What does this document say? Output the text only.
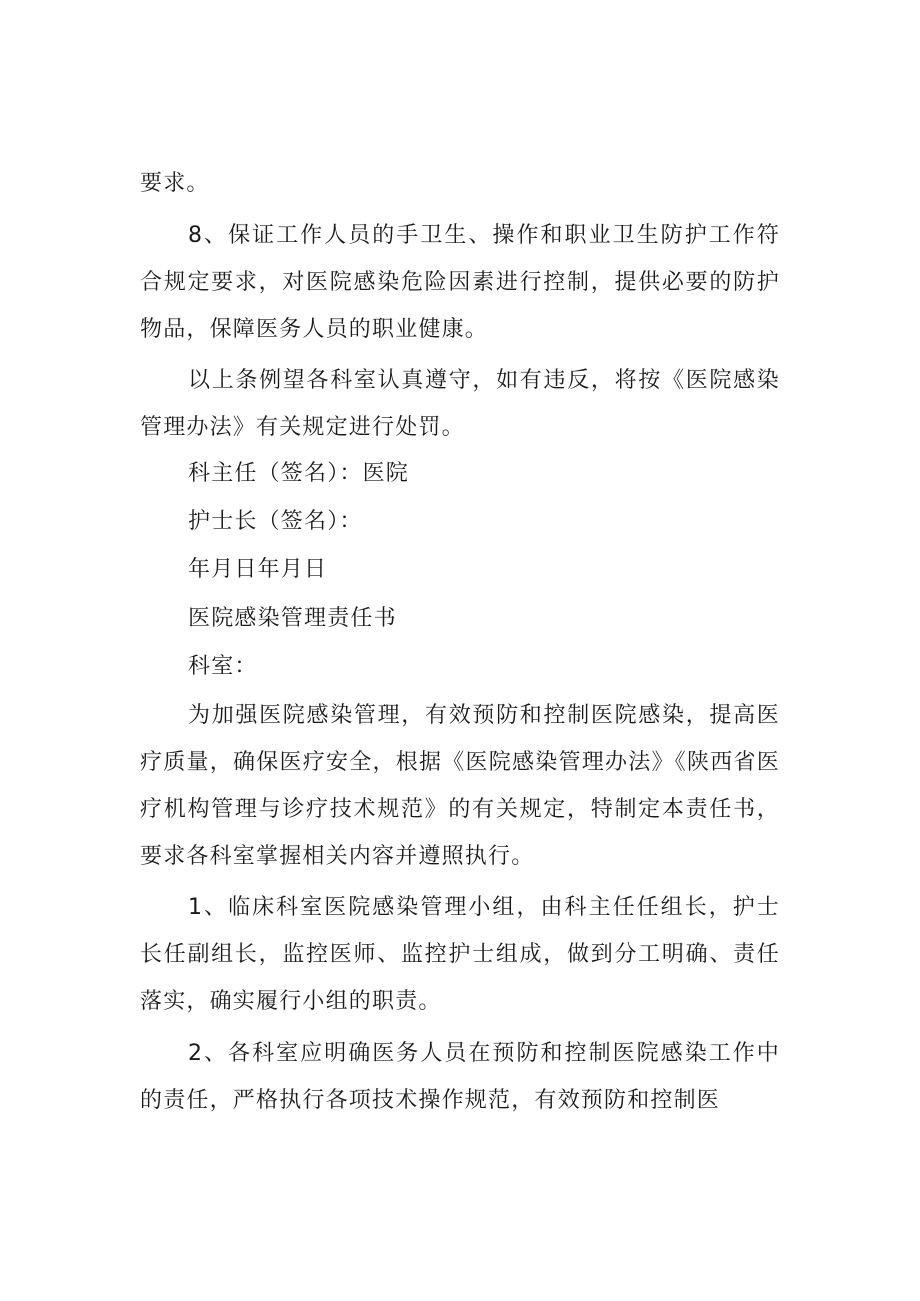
要求。

8、保证工作人员的手卫生、操作和职业卫生防护工作符合规定要求，对医院感染危险因素进行控制，提供必要的防护物品，保障医务人员的职业健康。

以上条例望各科室认真遵守，如有违反，将按《医院感染管理办法》有关规定进行处罚。

科主任（签名）：医院

护士长（签名）：

年月日年月日

医院感染管理责任书

科室：

为加强医院感染管理，有效预防和控制医院感染，提高医疗质量，确保医疗安全，根据《医院感染管理办法》《陕西省医疗机构管理与诊疗技术规范》的有关规定，特制定本责任书，要求各科室掌握相关内容并遵照执行。

1、临床科室医院感染管理小组，由科主任任组长，护士长任副组长，监控医师、监控护士组成，做到分工明确、责任落实，确实履行小组的职责。

2、各科室应明确医务人员在预防和控制医院感染工作中的责任，严格执行各项技术操作规范，有效预防和控制医
